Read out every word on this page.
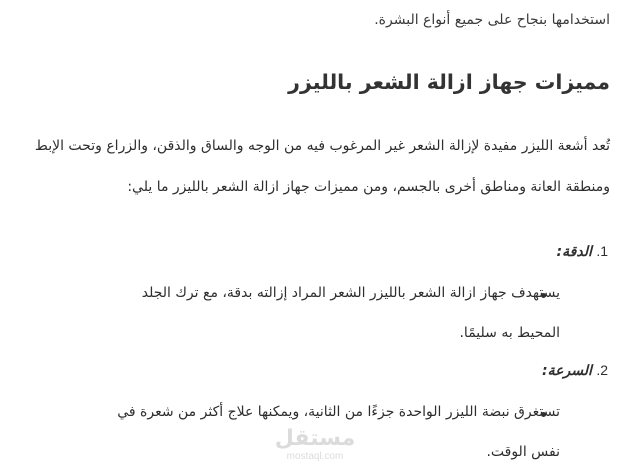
استخدامها بنجاح على جميع أنواع البشرة.
مميزات جهاز ازالة الشعر بالليزر
تُعد أشعة الليزر مفيدة لإزالة الشعر غير المرغوب فيه من الوجه والساق والذقن، والزراع وتحت الإبط
ومنطقة العانة ومناطق أخرى بالجسم، ومن مميزات جهاز ازالة الشعر بالليزر ما يلي:
1. الدقة:
يستهدف جهاز ازالة الشعر بالليزر الشعر المراد إزالته بدقة، مع ترك الجلد
المحيط به سليمًا.
2. السرعة:
تستغرق نبضة الليزر الواحدة جزءًا من الثانية، ويمكنها علاج أكثر من شعرة في
نفس الوقت.
مستقل
mostaql.com
